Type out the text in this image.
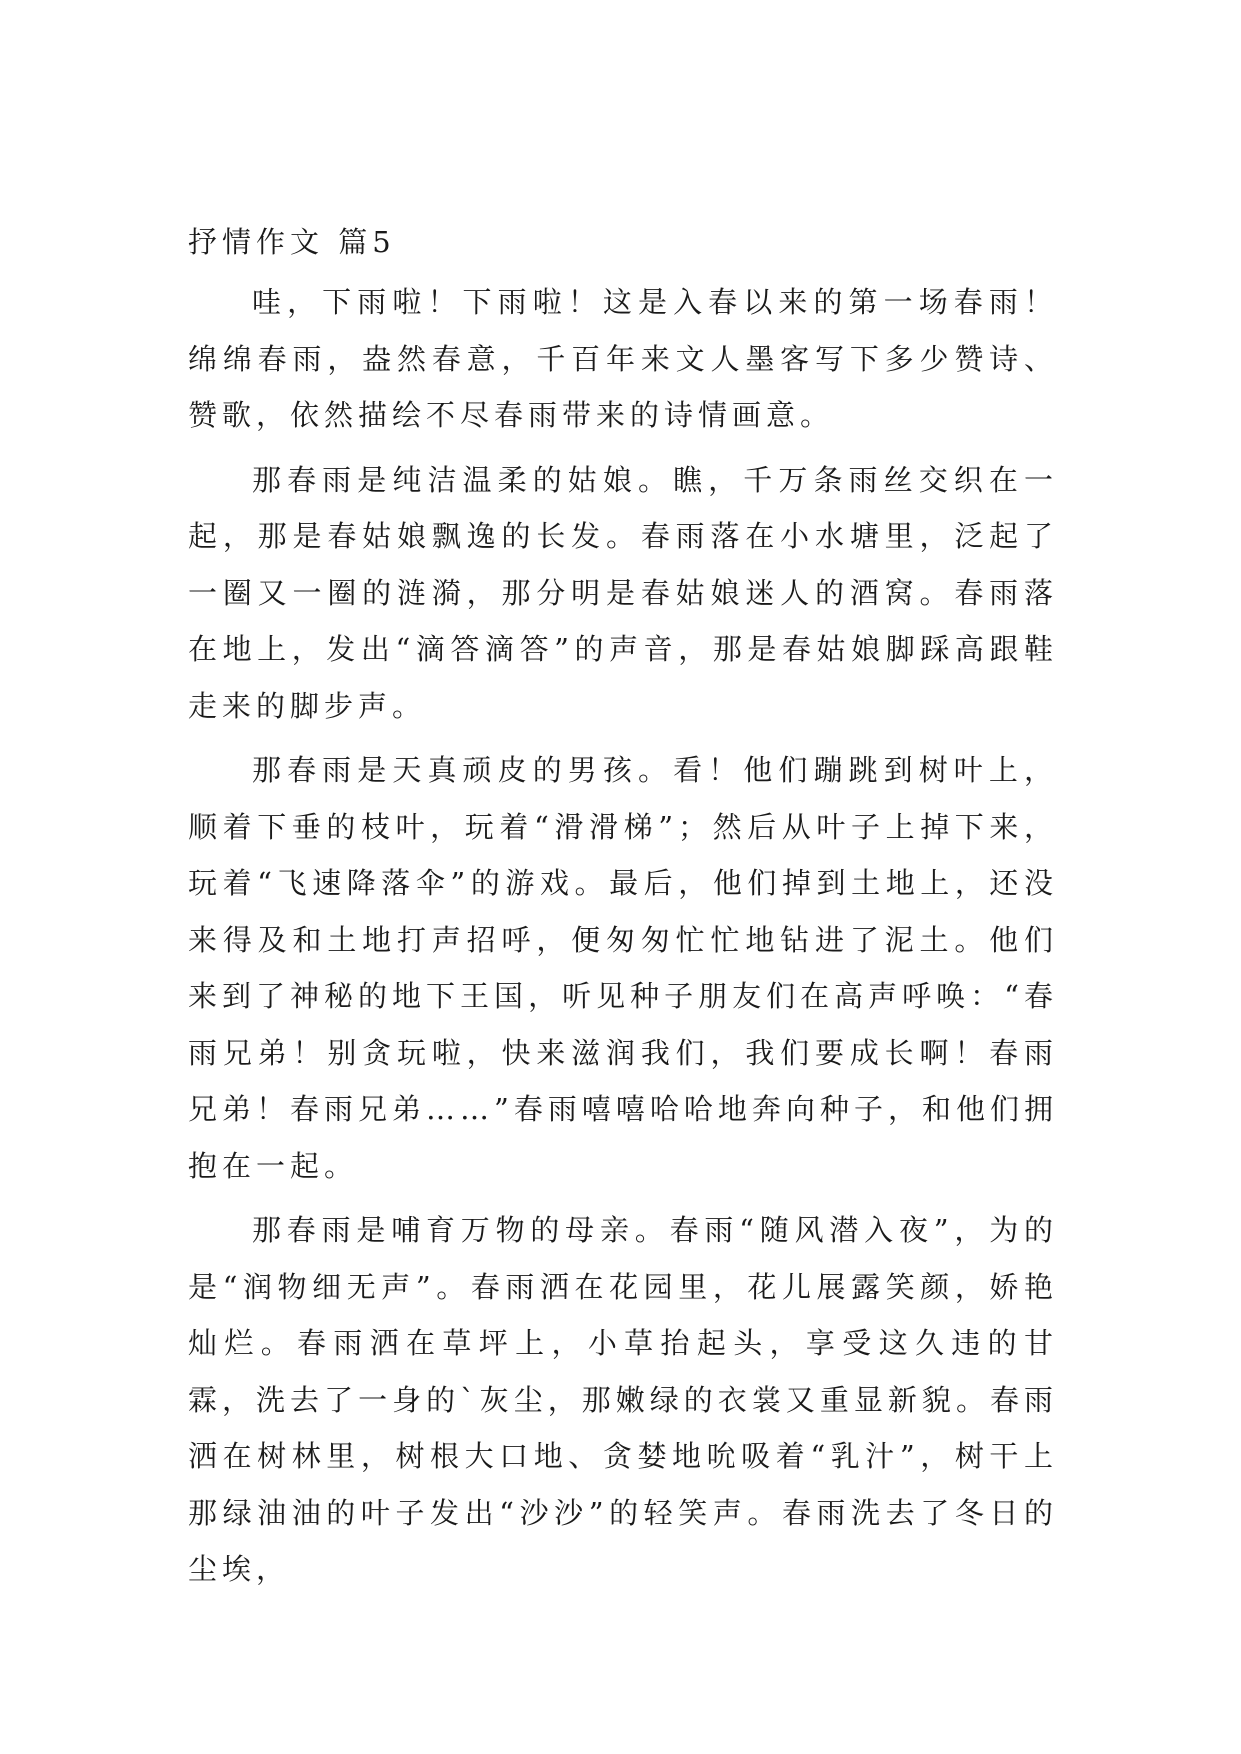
抒情作文 篇5

哇，下雨啦！下雨啦！这是入春以来的第一场春雨！绵绵春雨，盎然春意，千百年来文人墨客写下多少赞诗、赞歌，依然描绘不尽春雨带来的诗情画意。

那春雨是纯洁温柔的姑娘。瞧，千万条雨丝交织在一起，那是春姑娘飘逸的长发。春雨落在小水塘里，泛起了一圈又一圈的涟漪，那分明是春姑娘迷人的酒窝。春雨落在地上，发出“滴答滴答”的声音，那是春姑娘脚踩高跟鞋走来的脚步声。

那春雨是天真顽皮的男孩。看！他们蹦跳到树叶上，顺着下垂的枝叶，玩着“滑滑梯”；然后从叶子上掉下来，玩着“飞速降落伞”的游戏。最后，他们掉到土地上，还没来得及和土地打声招呼，便匆匆忙忙地钻进了泥土。他们来到了神秘的地下王国，听见种子朋友们在高声呼唤：“春雨兄弟！别贪玩啦，快来滋润我们，我们要成长啊！春雨兄弟！春雨兄弟……”春雨嘻嘻哈哈地奔向种子，和他们拥抱在一起。

那春雨是哺育万物的母亲。春雨“随风潜入夜”，为的是“润物细无声”。春雨洒在花园里，花儿展露笑颜，娇艳灿烂。春雨洒在草坪上，小草抬起头，享受这久违的甘霖，洗去了一身的`灰尘，那嫩绿的衣裳又重显新貌。春雨洒在树林里，树根大口地、贪婪地吮吸着“乳汁”，树干上那绿油油的叶子发出“沙沙”的轻笑声。春雨洗去了冬日的尘埃，
